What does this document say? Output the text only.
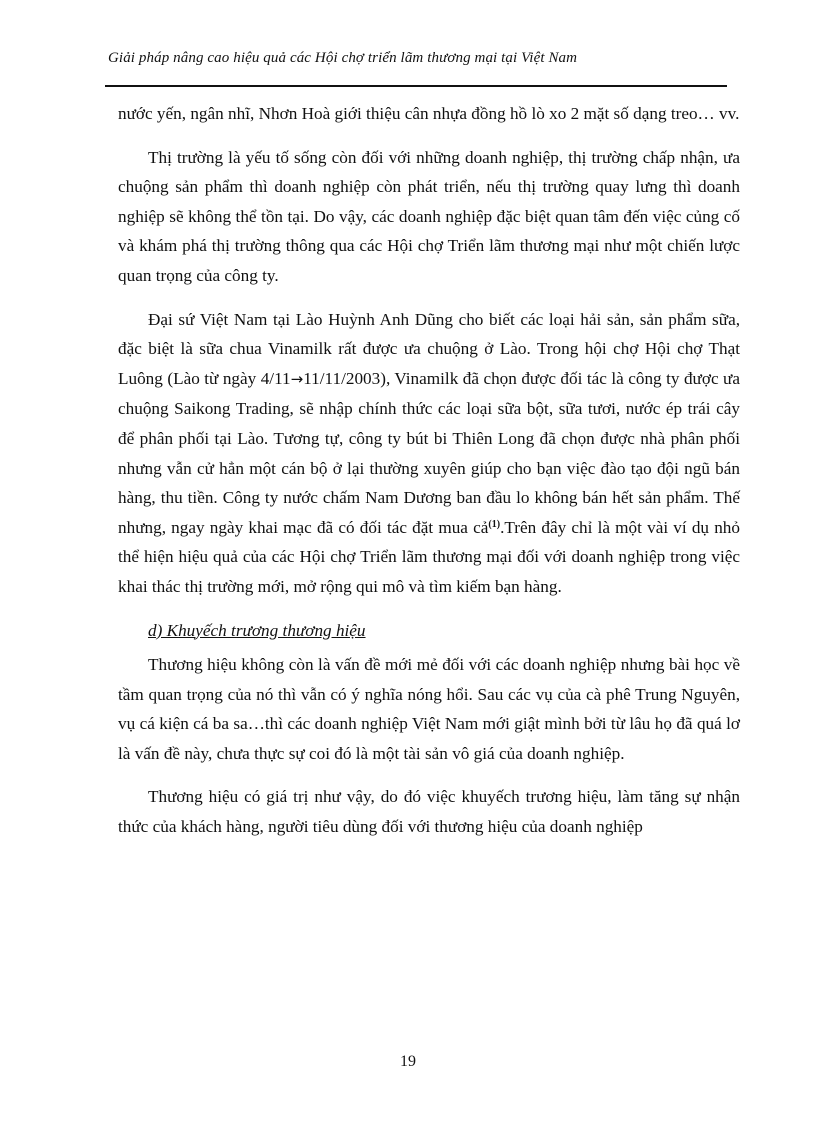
Giải pháp nâng cao hiệu quả các Hội chợ triển lãm thương mại tại Việt Nam

nước yến, ngân nhĩ, Nhơn Hoà giới thiệu cân nhựa đồng hồ lò xo 2 mặt số dạng treo… vv.

Thị trường là yếu tố sống còn đối với những doanh nghiệp, thị trường chấp nhận, ưa chuộng sản phẩm thì doanh nghiệp còn phát triển, nếu thị trường quay lưng thì doanh nghiệp sẽ không thể tồn tại. Do vậy, các doanh nghiệp đặc biệt quan tâm đến việc củng cố và khám phá thị trường thông qua các Hội chợ Triển lãm thương mại như một chiến lược quan trọng của công ty.

Đại sứ Việt Nam tại Lào Huỳnh Anh Dũng cho biết các loại hải sản, sản phẩm sữa, đặc biệt là sữa chua Vinamilk rất được ưa chuộng ở Lào. Trong hội chợ Hội chợ Thạt Luông (Lào từ ngày 4/11→11/11/2003), Vinamilk đã chọn được đối tác là công ty được ưa chuộng Saikong Trading, sẽ nhập chính thức các loại sữa bột, sữa tươi, nước ép trái cây để phân phối tại Lào. Tương tự, công ty bút bi Thiên Long đã chọn được nhà phân phối nhưng vẫn cử hẳn một cán bộ ở lại thường xuyên giúp cho bạn việc đào tạo đội ngũ bán hàng, thu tiền. Công ty nước chấm Nam Dương ban đầu lo không bán hết sản phẩm. Thế nhưng, ngay ngày khai mạc đã có đối tác đặt mua cả$^{(1)}$.Trên đây chỉ là một vài ví dụ nhỏ thể hiện hiệu quả của các Hội chợ Triển lãm thương mại đối với doanh nghiệp trong việc khai thác thị trường mới, mở rộng qui mô và tìm kiếm bạn hàng.

d) Khuyếch trương thương hiệu

Thương hiệu không còn là vấn đề mới mẻ đối với các doanh nghiệp nhưng bài học về tầm quan trọng của nó thì vẫn có ý nghĩa nóng hổi. Sau các vụ của cà phê Trung Nguyên, vụ cá kiện cá ba sa…thì các doanh nghiệp Việt Nam mới giật mình bởi từ lâu họ đã quá lơ là vấn đề này, chưa thực sự coi đó là một tài sản vô giá của doanh nghiệp.

Thương hiệu có giá trị như vậy, do đó việc khuyếch trương hiệu, làm tăng sự nhận thức của khách hàng, người tiêu dùng đối với thương hiệu của doanh nghiệp

19
